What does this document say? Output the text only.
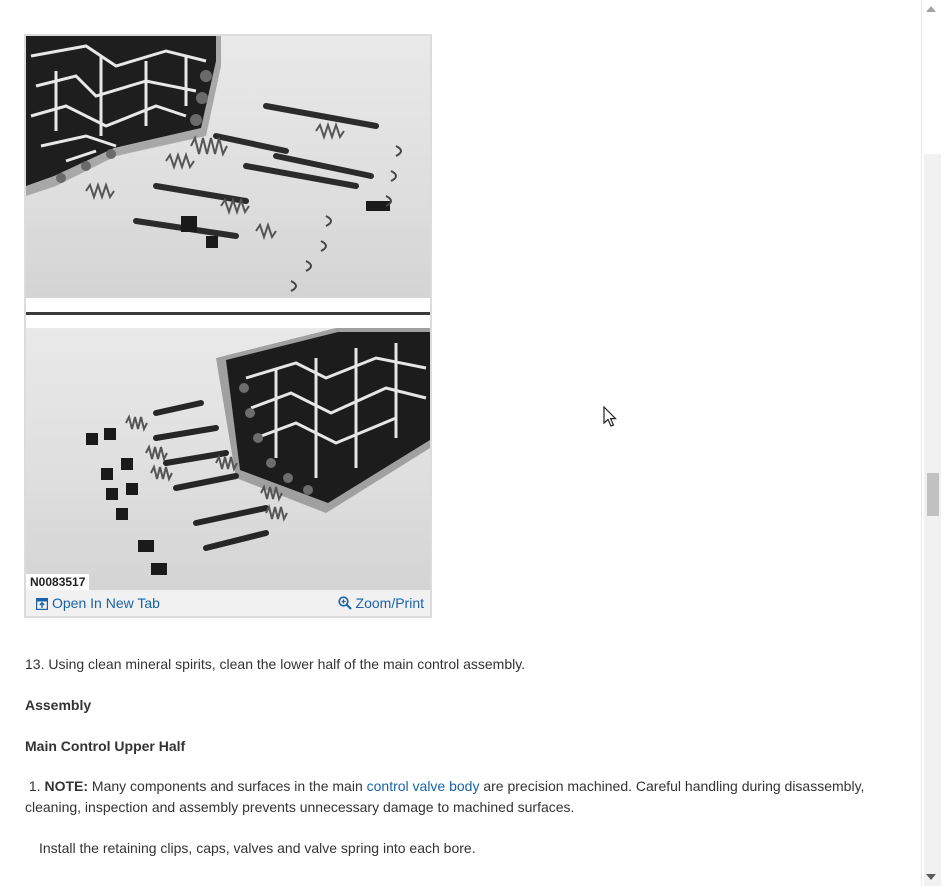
N0083517
Open In New Tab	Zoom/Print

13. Using clean mineral spirits, clean the lower half of the main control assembly.

Assembly

Main Control Upper Half

1. NOTE: Many components and surfaces in the main control valve body are precision machined. Careful handling during disassembly, cleaning, inspection and assembly prevents unnecessary damage to machined surfaces.

Install the retaining clips, caps, valves and valve spring into each bore.
